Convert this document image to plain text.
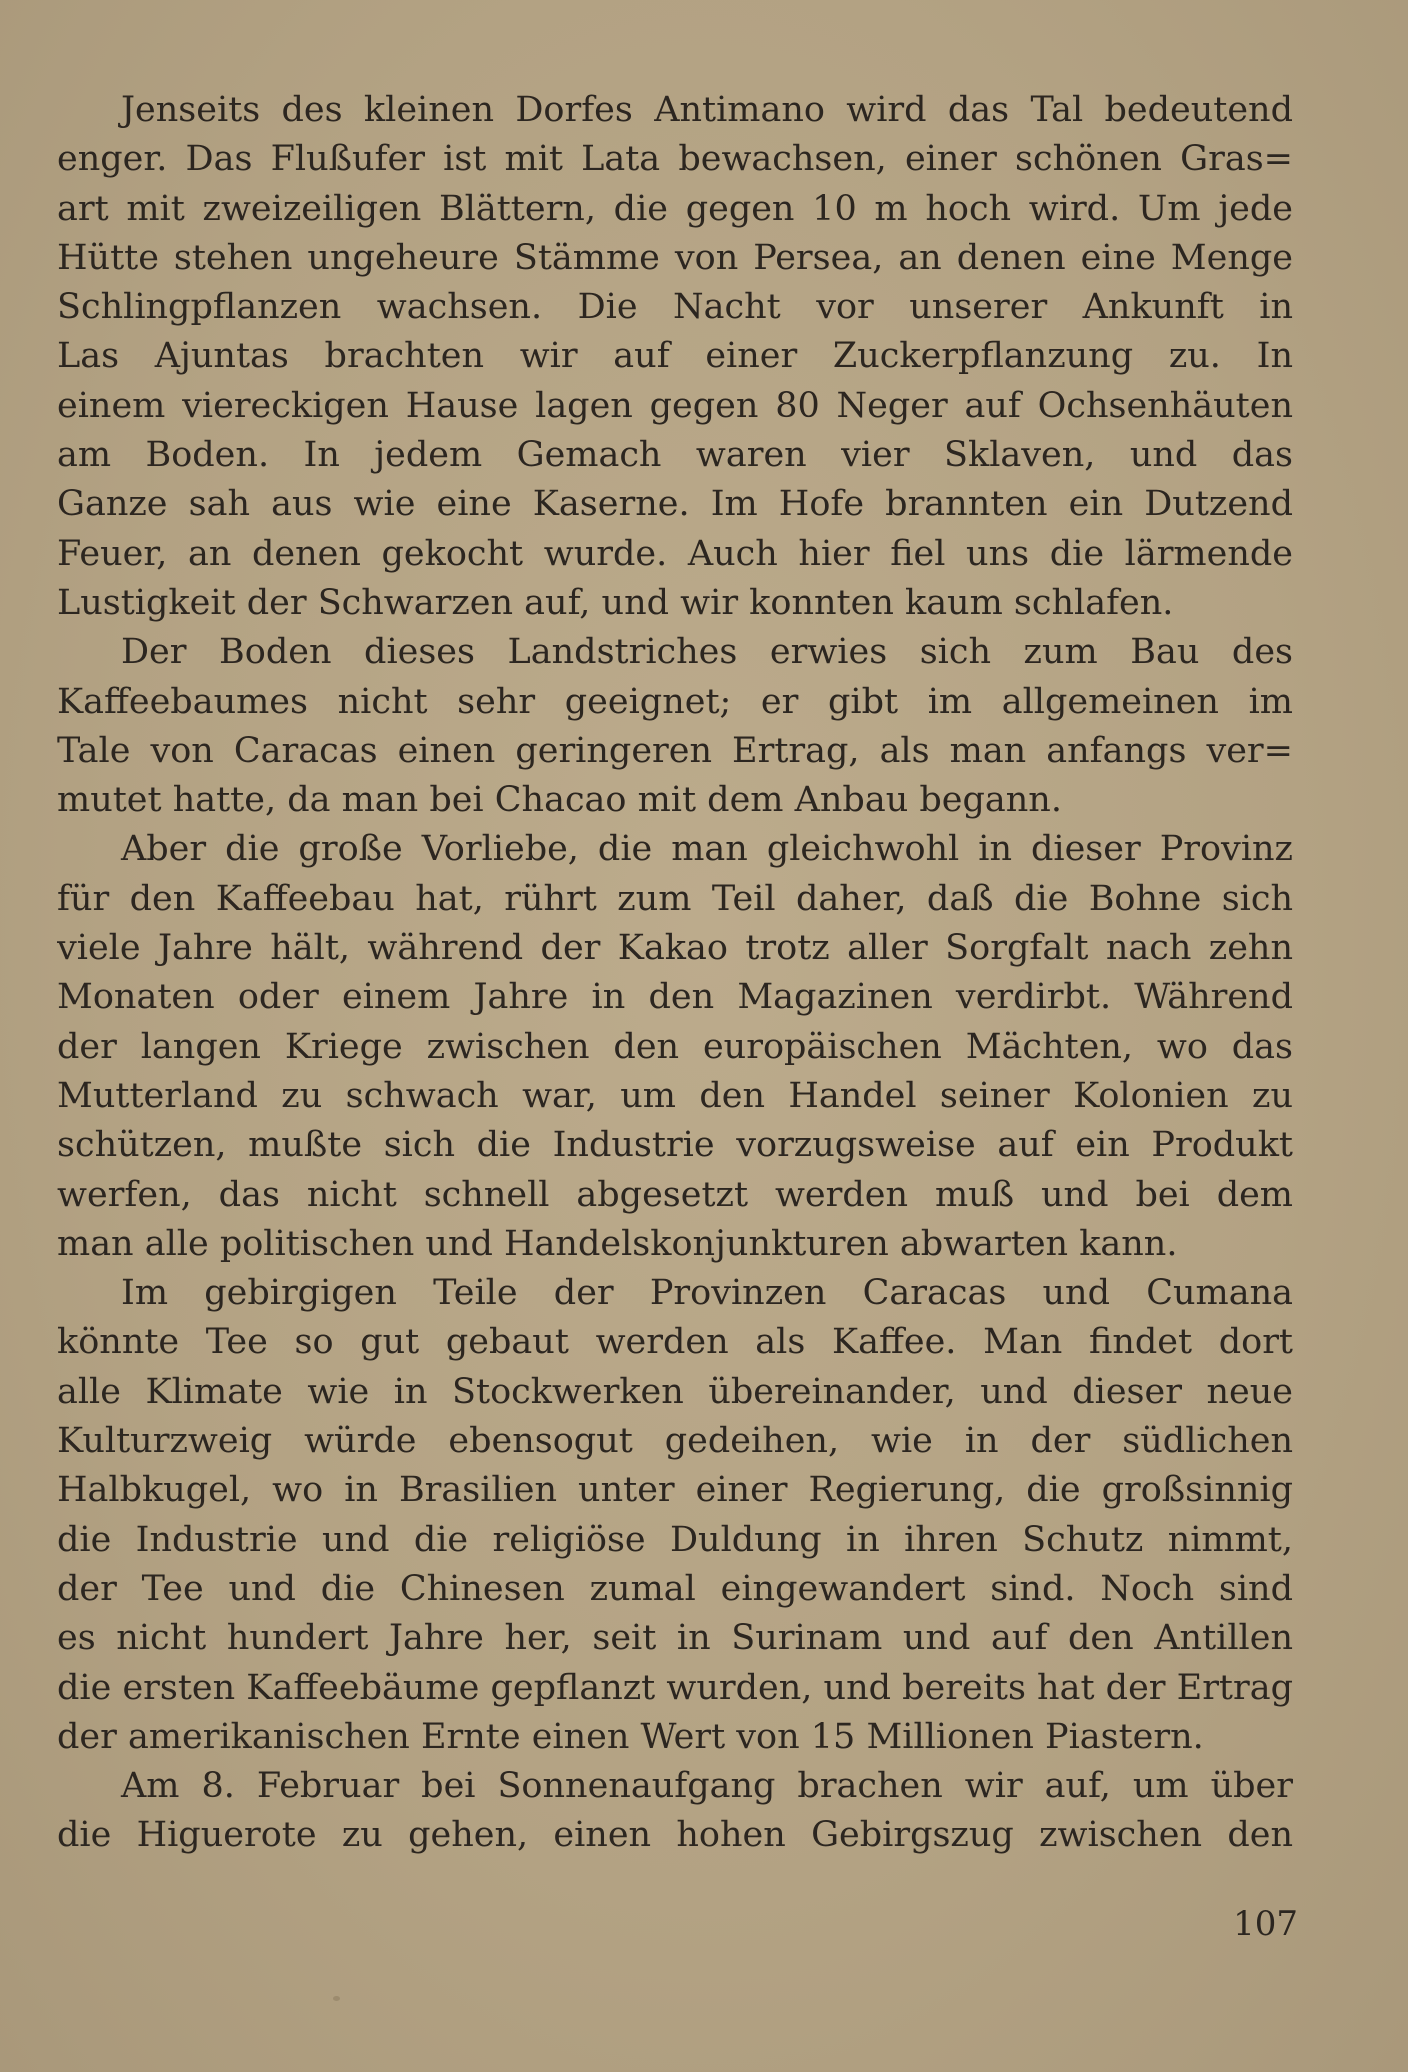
Jenseits des kleinen Dorfes Antimano wird das Tal bedeutend
enger. Das Flußufer ist mit Lata bewachsen, einer schönen Gras=
art mit zweizeiligen Blättern, die gegen 10 m hoch wird. Um jede
Hütte stehen ungeheure Stämme von Persea, an denen eine Menge
Schlingpflanzen wachsen. Die Nacht vor unserer Ankunft in
Las Ajuntas brachten wir auf einer Zuckerpflanzung zu. In
einem viereckigen Hause lagen gegen 80 Neger auf Ochsenhäuten
am Boden. In jedem Gemach waren vier Sklaven, und das
Ganze sah aus wie eine Kaserne. Im Hofe brannten ein Dutzend
Feuer, an denen gekocht wurde. Auch hier fiel uns die lärmende
Lustigkeit der Schwarzen auf, und wir konnten kaum schlafen.
Der Boden dieses Landstriches erwies sich zum Bau des
Kaffeebaumes nicht sehr geeignet; er gibt im allgemeinen im
Tale von Caracas einen geringeren Ertrag, als man anfangs ver=
mutet hatte, da man bei Chacao mit dem Anbau begann.
Aber die große Vorliebe, die man gleichwohl in dieser Provinz
für den Kaffeebau hat, rührt zum Teil daher, daß die Bohne sich
viele Jahre hält, während der Kakao trotz aller Sorgfalt nach zehn
Monaten oder einem Jahre in den Magazinen verdirbt. Während
der langen Kriege zwischen den europäischen Mächten, wo das
Mutterland zu schwach war, um den Handel seiner Kolonien zu
schützen, mußte sich die Industrie vorzugsweise auf ein Produkt
werfen, das nicht schnell abgesetzt werden muß und bei dem
man alle politischen und Handelskonjunkturen abwarten kann.
Im gebirgigen Teile der Provinzen Caracas und Cumana
könnte Tee so gut gebaut werden als Kaffee. Man findet dort
alle Klimate wie in Stockwerken übereinander, und dieser neue
Kulturzweig würde ebensogut gedeihen, wie in der südlichen
Halbkugel, wo in Brasilien unter einer Regierung, die großsinnig
die Industrie und die religiöse Duldung in ihren Schutz nimmt,
der Tee und die Chinesen zumal eingewandert sind. Noch sind
es nicht hundert Jahre her, seit in Surinam und auf den Antillen
die ersten Kaffeebäume gepflanzt wurden, und bereits hat der Ertrag
der amerikanischen Ernte einen Wert von 15 Millionen Piastern.
Am 8. Februar bei Sonnenaufgang brachen wir auf, um über
die Higuerote zu gehen, einen hohen Gebirgszug zwischen den
107
